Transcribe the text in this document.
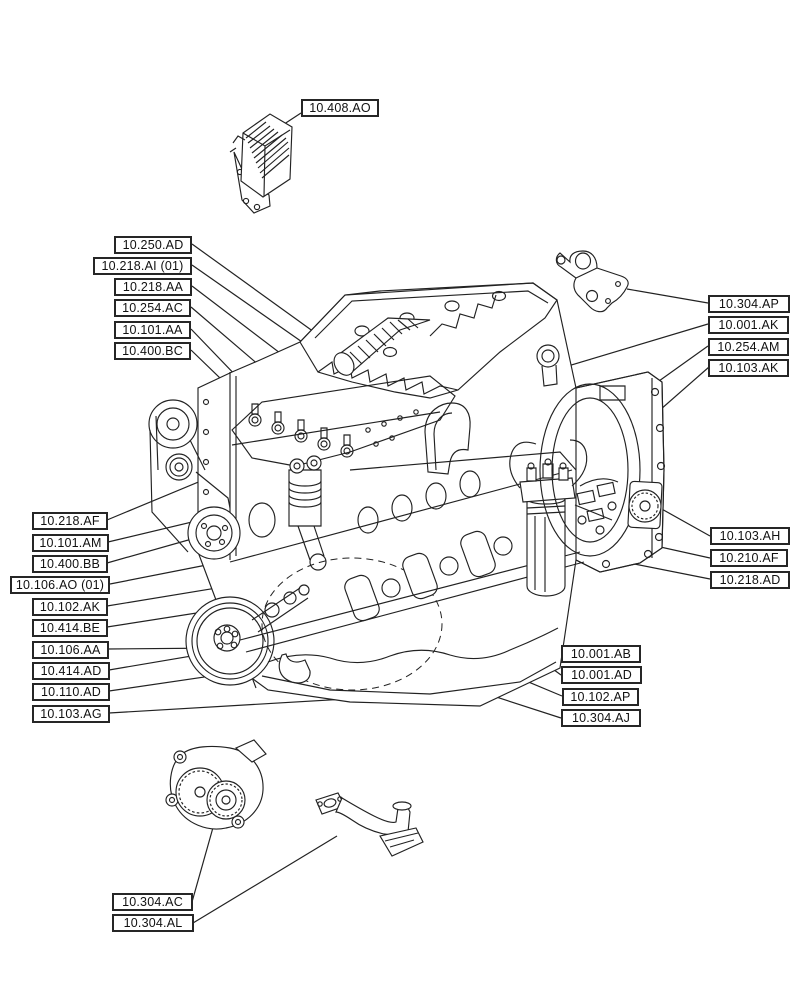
10.408.AO
10.250.AD
10.218.AI (01)
10.218.AA
10.254.AC
10.101.AA
10.400.BC
10.304.AP
10.001.AK
10.254.AM
10.103.AK
10.218.AF
10.101.AM
10.400.BB
10.106.AO (01)
10.102.AK
10.414.BE
10.106.AA
10.414.AD
10.110.AD
10.103.AG
10.103.AH
10.210.AF
10.218.AD
10.001.AB
10.001.AD
10.102.AP
10.304.AJ
10.304.AC
10.304.AL
